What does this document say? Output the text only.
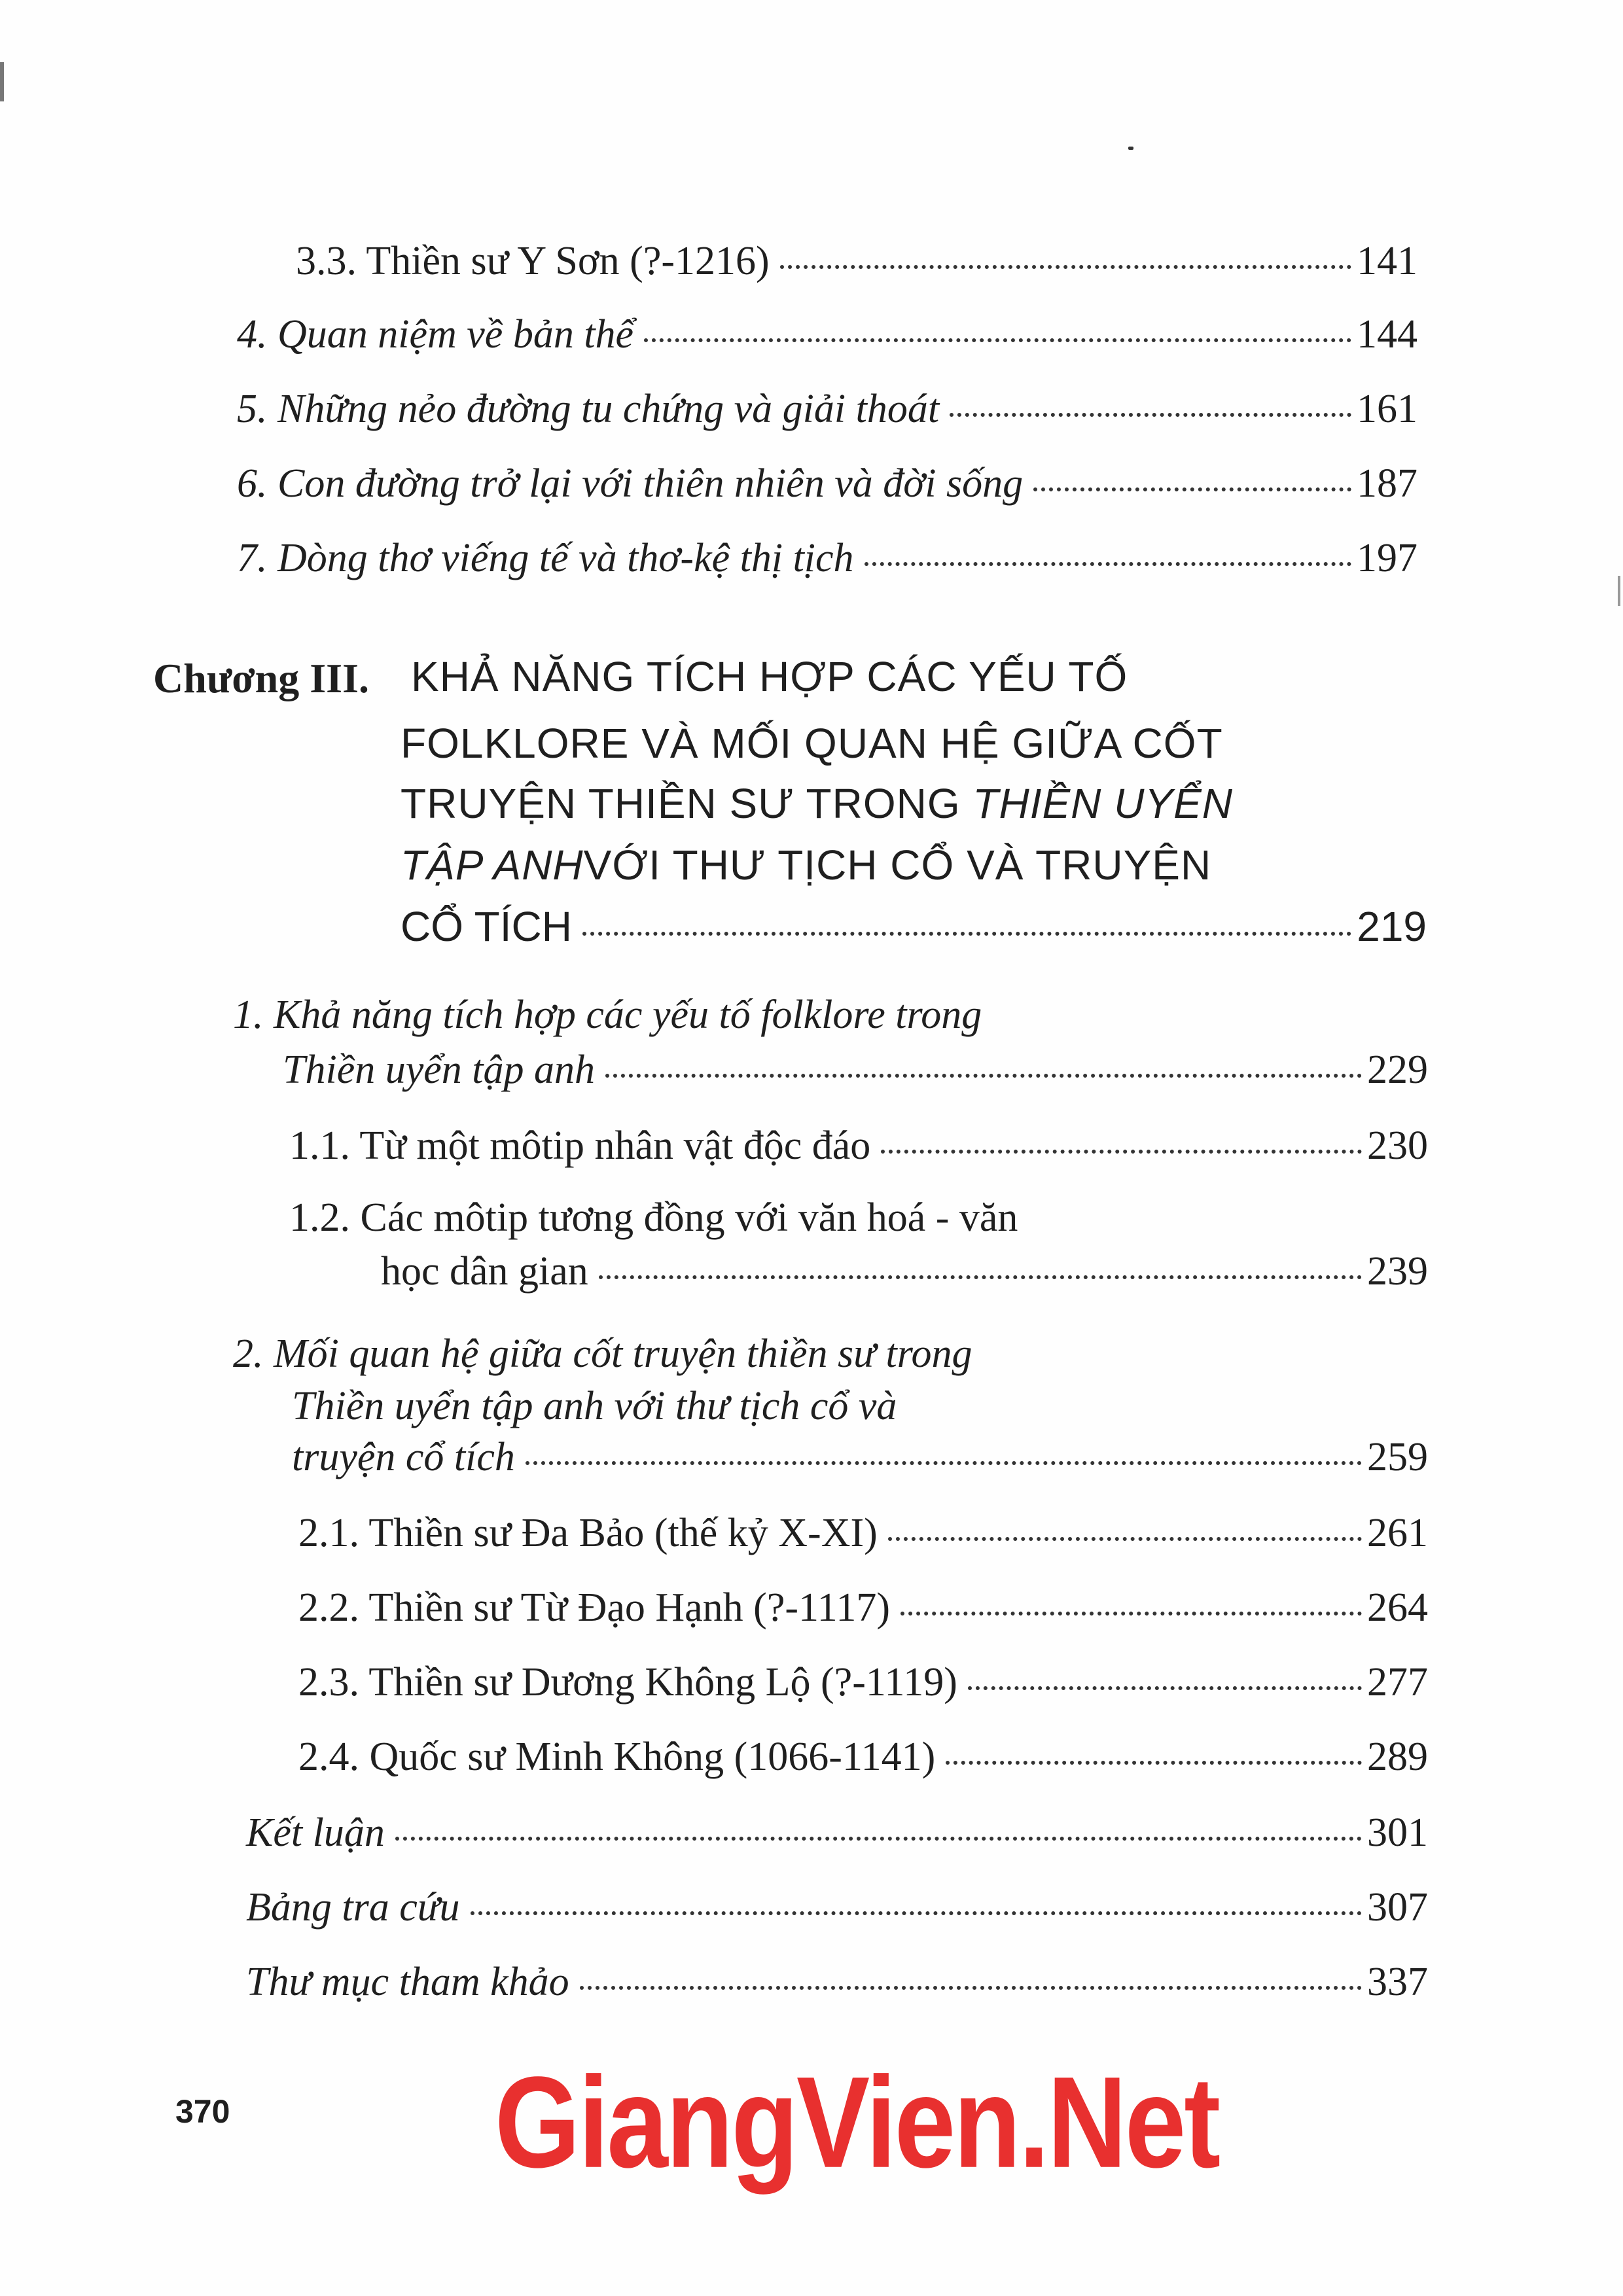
3.3. Thiền sư Y Sơn (?-1216)	141
4. Quan niệm về bản thể	144
5. Những nẻo đường tu chứng và giải thoát	161
6. Con đường trở lại với thiên nhiên và đời sống	187
7. Dòng thơ viếng tế và thơ-kệ thị tịch	197
Chương III. KHẢ NĂNG TÍCH HỢP CÁC YẾU TỐ
FOLKLORE VÀ MỐI QUAN HỆ GIỮA CỐT
TRUYỆN THIỀN SƯ TRONG THIỀN UYỂN
TẬP ANHVỚI THƯ TỊCH CỔ VÀ TRUYỆN
CỔ TÍCH	219
1. Khả năng tích hợp các yếu tố folklore trong
Thiền uyển tập anh	229
1.1. Từ một môtip nhân vật độc đáo	230
1.2. Các môtip tương đồng với văn hoá - văn
học dân gian	239
2. Mối quan hệ giữa cốt truyện thiền sư trong
Thiền uyển tập anh với thư tịch cổ và
truyện cổ tích	259
2.1. Thiền sư Đa Bảo (thế kỷ X-XI)	261
2.2. Thiền sư Từ Đạo Hạnh (?-1117)	264
2.3. Thiền sư Dương Không Lộ (?-1119)	277
2.4. Quốc sư Minh Không (1066-1141)	289
Kết luận	301
Bảng tra cứu	307
Thư mục tham khảo	337
370 GiangVien.Net
